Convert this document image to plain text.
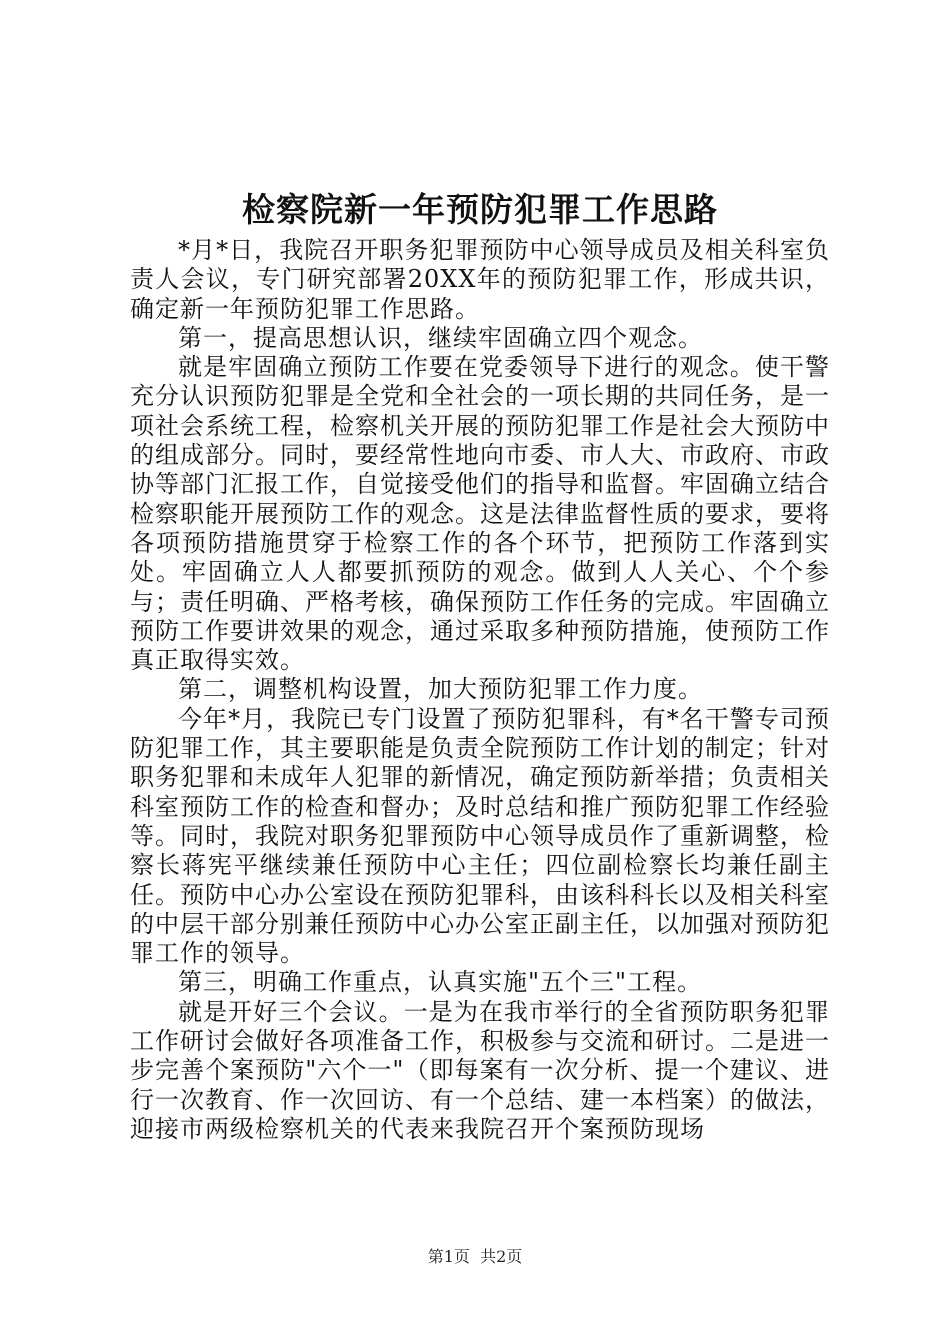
检察院新一年预防犯罪工作思路

*月*日，我院召开职务犯罪预防中心领导成员及相关科室负责人会议，专门研究部署20XX年的预防犯罪工作，形成共识，确定新一年预防犯罪工作思路。

第一，提高思想认识，继续牢固确立四个观念。

就是牢固确立预防工作要在党委领导下进行的观念。使干警充分认识预防犯罪是全党和全社会的一项长期的共同任务，是一项社会系统工程，检察机关开展的预防犯罪工作是社会大预防中的组成部分。同时，要经常性地向市委、市人大、市政府、市政协等部门汇报工作，自觉接受他们的指导和监督。牢固确立结合检察职能开展预防工作的观念。这是法律监督性质的要求，要将各项预防措施贯穿于检察工作的各个环节，把预防工作落到实处。牢固确立人人都要抓预防的观念。做到人人关心、个个参与；责任明确、严格考核，确保预防工作任务的完成。牢固确立预防工作要讲效果的观念，通过采取多种预防措施，使预防工作真正取得实效。

第二，调整机构设置，加大预防犯罪工作力度。

今年*月，我院已专门设置了预防犯罪科，有*名干警专司预防犯罪工作，其主要职能是负责全院预防工作计划的制定；针对职务犯罪和未成年人犯罪的新情况，确定预防新举措；负责相关科室预防工作的检查和督办；及时总结和推广预防犯罪工作经验等。同时，我院对职务犯罪预防中心领导成员作了重新调整，检察长蒋宪平继续兼任预防中心主任；四位副检察长均兼任副主任。预防中心办公室设在预防犯罪科，由该科科长以及相关科室的中层干部分别兼任预防中心办公室正副主任，以加强对预防犯罪工作的领导。

第三，明确工作重点，认真实施"五个三"工程。

就是开好三个会议。一是为在我市举行的全省预防职务犯罪工作研讨会做好各项准备工作，积极参与交流和研讨。二是进一步完善个案预防"六个一"（即每案有一次分析、提一个建议、进行一次教育、作一次回访、有一个总结、建一本档案）的做法，迎接市两级检察机关的代表来我院召开个案预防现场

第1页 共2页
